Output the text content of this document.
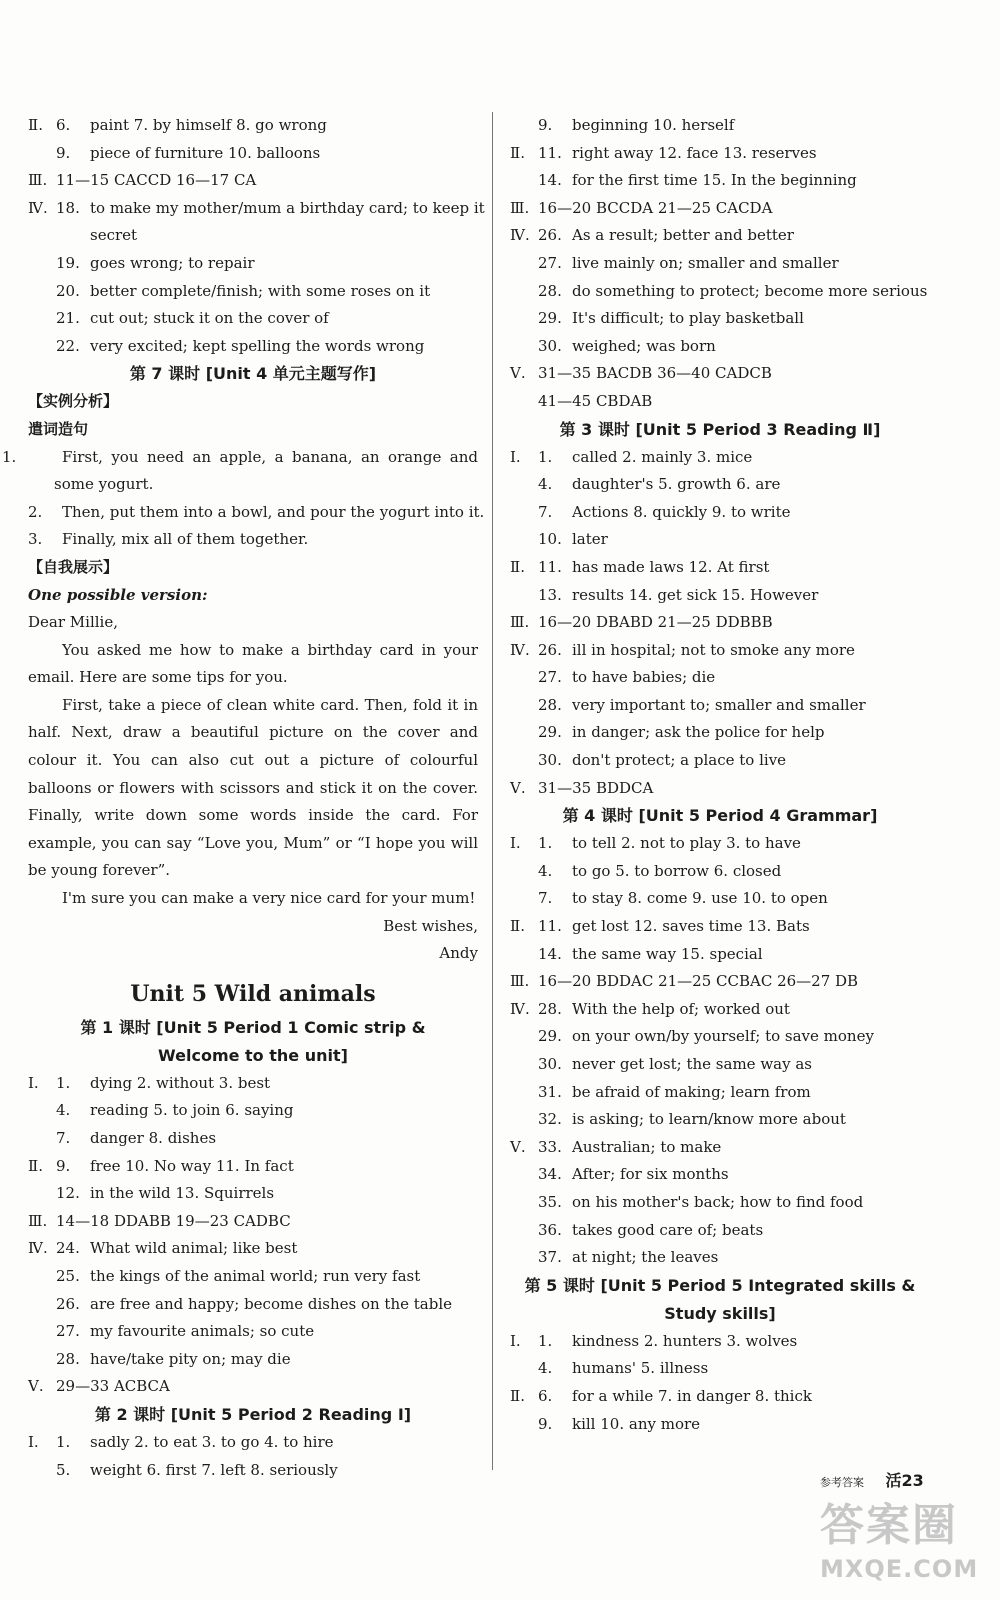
Ⅱ. 6. paint 7. by himself 8. go wrong
9. piece of furniture 10. balloons
Ⅲ. 11—15 CACCD 16—17 CA
Ⅳ. 18. to make my mother/mum a birthday card; to keep it
secret
19. goes wrong; to repair
20. better complete/finish; with some roses on it
21. cut out; stuck it on the cover of
22. very excited; kept spelling the words wrong
第 7 课时 [Unit 4 单元主题写作]
【实例分析】
遣词造句
1.	First, you need an apple, a banana, an orange and some yogurt.
2. Then, put them into a bowl, and pour the yogurt into it.
3. Finally, mix all of them together.
【自我展示】
One possible version:
Dear Millie,
You asked me how to make a birthday card in your email. Here are some tips for you.
First, take a piece of clean white card. Then, fold it in half. Next, draw a beautiful picture on the cover and colour it. You can also cut out a picture of colourful balloons or flowers with scissors and stick it on the cover. Finally, write down some words inside the card. For example, you can say “Love you, Mum” or “I hope you will be young forever”.
I'm sure you can make a very nice card for your mum!
Best wishes,
Andy
Unit 5 Wild animals
第 1 课时 [Unit 5 Period 1 Comic strip &
Welcome to the unit]
Ⅰ. 1. dying 2. without 3. best
4. reading 5. to join 6. saying
7. danger 8. dishes
Ⅱ. 9. free 10. No way 11. In fact
12. in the wild 13. Squirrels
Ⅲ. 14—18 DDABB 19—23 CADBC
Ⅳ. 24. What wild animal; like best
25. the kings of the animal world; run very fast
26. are free and happy; become dishes on the table
27. my favourite animals; so cute
28. have/take pity on; may die
Ⅴ. 29—33 ACBCA
第 2 课时 [Unit 5 Period 2 Reading Ⅰ]
Ⅰ. 1. sadly 2. to eat 3. to go 4. to hire
5. weight 6. first 7. left 8. seriously
9. beginning 10. herself
Ⅱ. 11. right away 12. face 13. reserves
14. for the first time 15. In the beginning
Ⅲ. 16—20 BCCDA 21—25 CACDA
Ⅳ. 26. As a result; better and better
27. live mainly on; smaller and smaller
28. do something to protect; become more serious
29. It's difficult; to play basketball
30. weighed; was born
Ⅴ. 31—35 BACDB 36—40 CADCB
41—45 CBDAB
第 3 课时 [Unit 5 Period 3 Reading Ⅱ]
Ⅰ. 1. called 2. mainly 3. mice
4. daughter's 5. growth 6. are
7. Actions 8. quickly 9. to write
10. later
Ⅱ. 11. has made laws 12. At first
13. results 14. get sick 15. However
Ⅲ. 16—20 DBABD 21—25 DDBBB
Ⅳ. 26. ill in hospital; not to smoke any more
27. to have babies; die
28. very important to; smaller and smaller
29. in danger; ask the police for help
30. don't protect; a place to live
Ⅴ. 31—35 BDDCA
第 4 课时 [Unit 5 Period 4 Grammar]
Ⅰ. 1. to tell 2. not to play 3. to have
4. to go 5. to borrow 6. closed
7. to stay 8. come 9. use 10. to open
Ⅱ. 11. get lost 12. saves time 13. Bats
14. the same way 15. special
Ⅲ. 16—20 BDDAC 21—25 CCBAC 26—27 DB
Ⅳ. 28. With the help of; worked out
29. on your own/by yourself; to save money
30. never get lost; the same way as
31. be afraid of making; learn from
32. is asking; to learn/know more about
Ⅴ. 33. Australian; to make
34. After; for six months
35. on his mother's back; how to find food
36. takes good care of; beats
37. at night; the leaves
第 5 课时 [Unit 5 Period 5 Integrated skills &
Study skills]
Ⅰ. 1. kindness 2. hunters 3. wolves
4. humans' 5. illness
Ⅱ. 6. for a while 7. in danger 8. thick
9. kill 10. any more
参考答案 活23
答案圈
MXQE.COM
